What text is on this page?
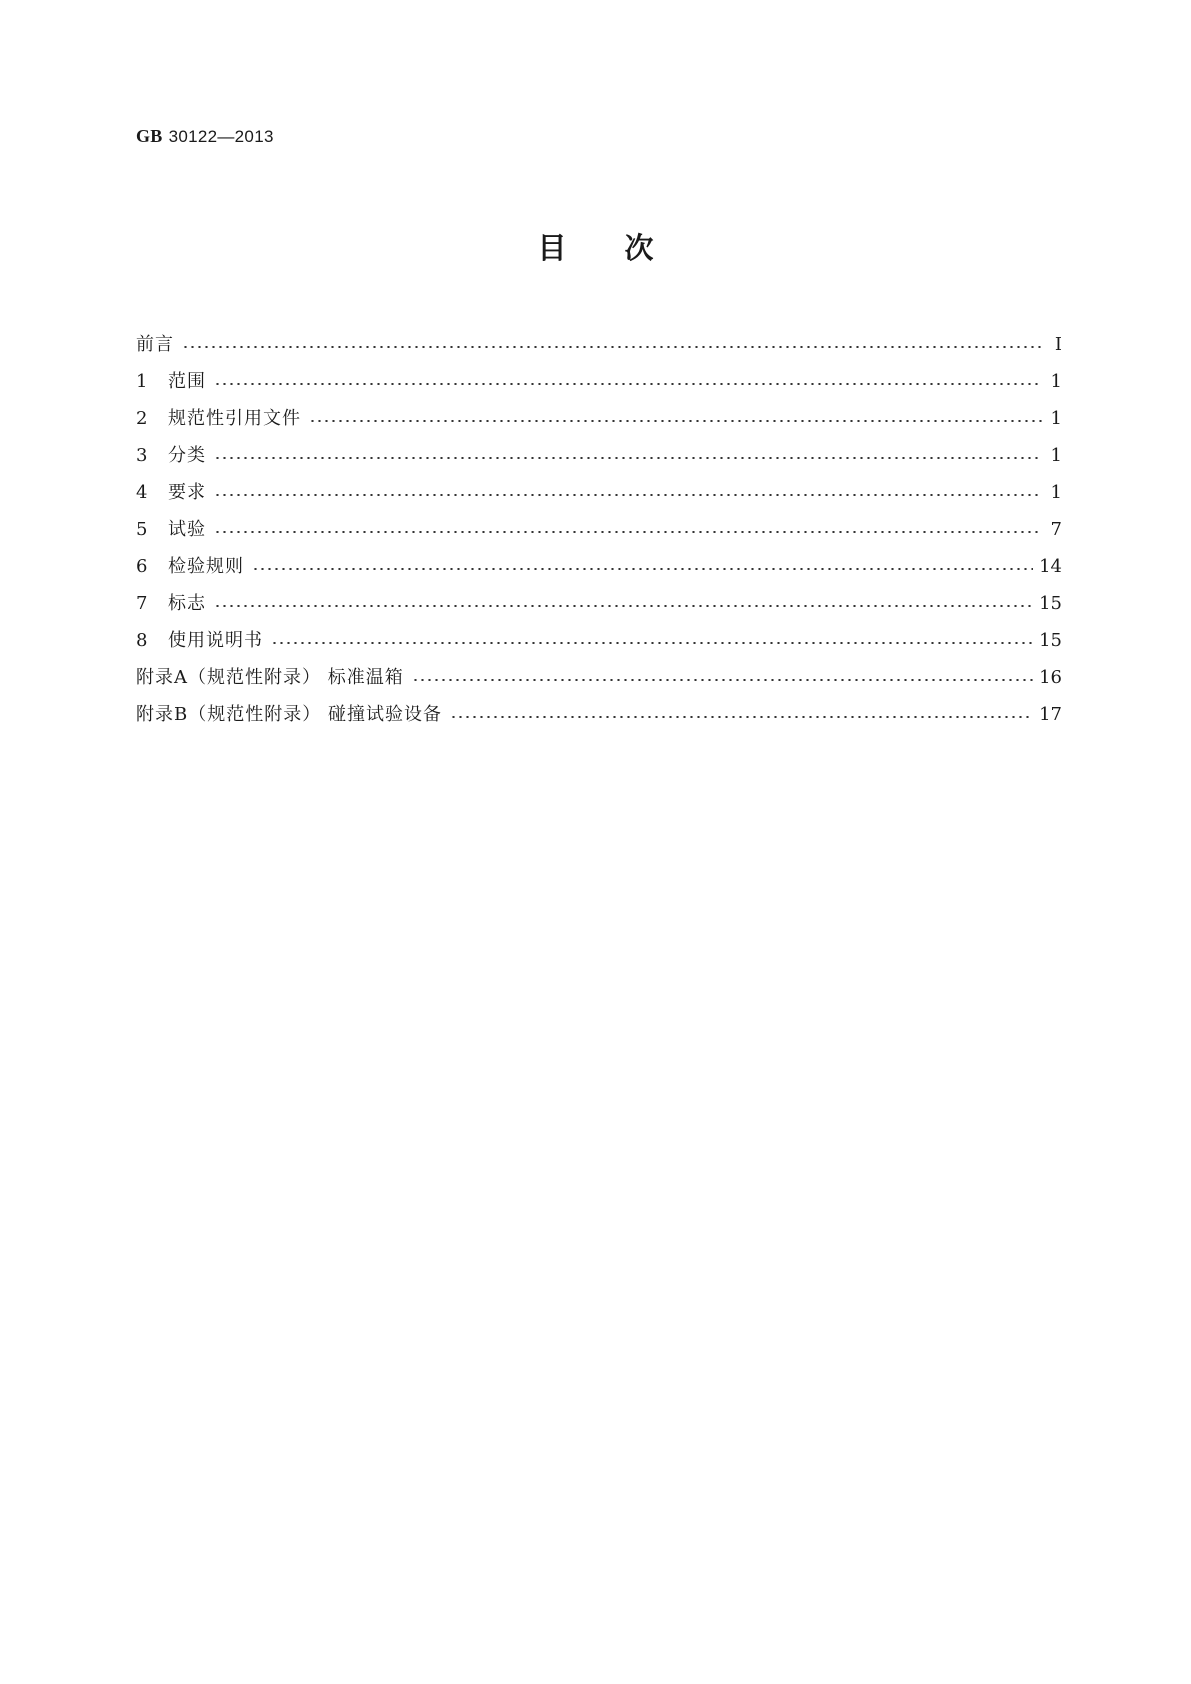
GB 30122—2013
目次
前言	Ⅰ
1	范围	1
2	规范性引用文件	1
3	分类	1
4	要求	1
5	试验	7
6	检验规则	14
7	标志	15
8	使用说明书	15
附录A（规范性附录） 标准温箱	16
附录B（规范性附录） 碰撞试验设备	17
